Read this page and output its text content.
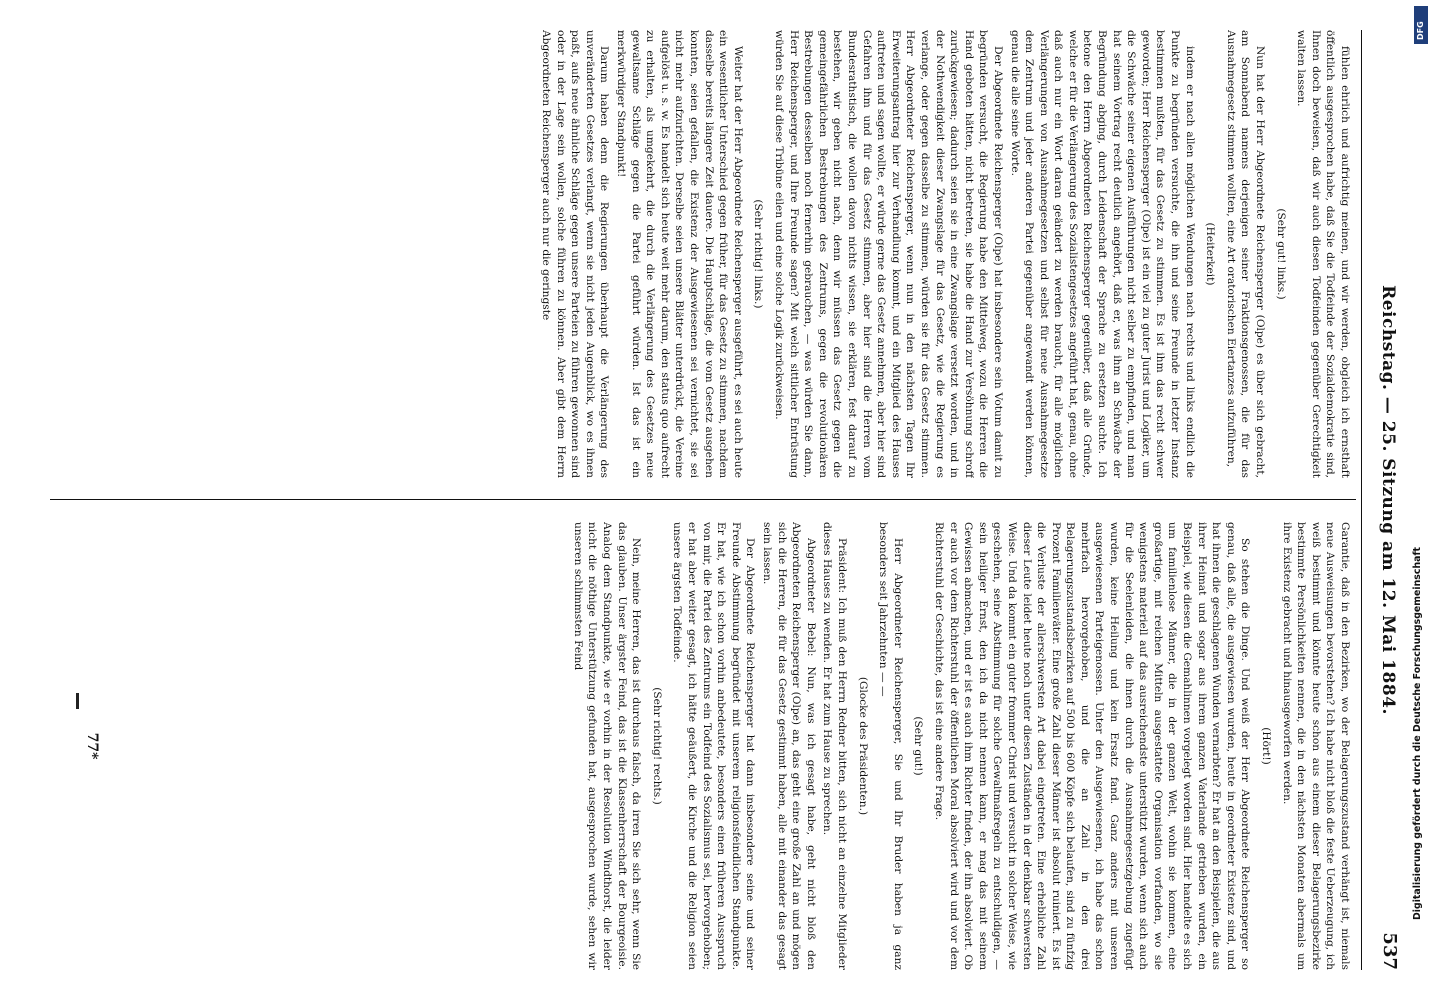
Reichstag. — 25. Sitzung am 12. Mai 1884.
537

fühlen ehrlich und aufrichtig meinen, und wir werden, obgleich ich ernsthaft öffentlich ausgesprochen habe, daß Sie die Todfeinde der Sozialdemokratie sind, Ihnen doch beweisen, daß wir auch diesen Todfeinden gegenüber Gerechtigkeit walten lassen.

(Sehr gut! links.)

Nun hat der Herr Abgeordnete Reichensperger (Olpe) es über sich gebracht, am Sonnabend namens derjenigen seiner Fraktionsgenossen, die für das Ausnahmegesetz stimmen wollten, eine Art oratorischen Eiertanzes aufzuführen,

(Heiterkeit)

indem er nach allen möglichen Wendungen nach rechts und links endlich die Punkte zu begründen versuchte, die ihn und seine Freunde in letzter Instanz bestimmen mußten, für das Gesetz zu stimmen. Es ist ihm das recht schwer geworden; Herr Reichensperger (Olpe) ist ein viel zu guter Jurist und Logiker, um die Schwäche seiner eigenen Ausführungen nicht selber zu empfinden, und man hat seinem Vortrag recht deutlich angehört, daß er, was ihm an Schwäche der Begründung abging, durch Leidenschaft der Sprache zu ersetzen suchte. Ich betone den Herrn Abgeordneten Reichensperger gegenüber, daß alle Gründe, welche er für die Verlängerung des Sozialistengesetzes angeführt hat, genau, ohne daß auch nur ein Wort daran geändert zu werden braucht, für alle möglichen Verlängerungen von Ausnahmegesetzen und selbst für neue Ausnahmegesetze dem Zentrum und jeder anderen Partei gegenüber angewandt werden können, genau die alle seine Worte.

Der Abgeordnete Reichensperger (Olpe) hat insbesondere sein Votum damit zu begründen versucht, die Regierung habe den Mittelweg, wozu die Herren die Hand geboten hätten, nicht betreten, sie habe die Hand zur Versöhnung schroff zurückgewiesen; dadurch seien sie in eine Zwangslage versetzt worden, und in der Nothwendigkeit dieser Zwangslage für das Gesetz, wie die Regierung es verlange, oder gegen dasselbe zu stimmen, würden sie für das Gesetz stimmen. Herr Abgeordneter Reichensperger, wenn nun in den nächsten Tagen Ihr Erweiterungsantrag hier zur Verhandlung kommt, und ein Mitglied des Hauses auftreten und sagen wollte, er würde gerne das Gesetz annehmen, aber hier sind Gefahren ihm und für das Gesetz stimmen, aber hier sind die Herren vom Bundesrathstisch, die wollen davon nichts wissen, sie erklären, fest darauf zu bestehen, wir geben nicht nach, denn wir müssen das Gesetz gegen die gemeingefährlichen Bestrebungen des Zentrums, gegen die revolutionären Bestrebungen desselben noch fernerhin gebrauchen, — was würden Sie dann, Herr Reichensperger, und Ihre Freunde sagen? Mit welch sittlicher Entrüstung würden Sie auf diese Tribüne eilen und eine solche Logik zurückweisen.

(Sehr richtig! links.)

Weiter hat der Herr Abgeordnete Reichensperger ausgeführt, es sei auch heute ein wesentlicher Unterschied gegen früher, für das Gesetz zu stimmen, nachdem dasselbe bereits längere Zeit dauere. Die Hauptschläge, die vom Gesetz ausgehen konnten, seien gefallen, die Existenz der Ausgewiesenen sei vernichtet, sie sei nicht mehr aufzurichten. Derselbe seien unsere Blätter unterdrückt, die Vereine aufgelöst u. s. w. Es handelt sich heute weit mehr darum, den status quo aufrecht zu erhalten, als umgekehrt, die durch die Verlängerung des Gesetzes neue gewaltsame Schläge gegen die Partei geführt würden. Ist das ist ein merkwürdiger Standpunkt!

Darum haben denn die Regierungen überhaupt die Verlängerung des unveränderten Gesetzes verlangt, wenn sie nicht jeden Augenblick, wo es ihnen paßt, aufs neue ähnliche Schläge gegen unsere Parteien zu führen gewonnen sind oder in der Lage sein wollen, solche führen zu können. Aber gibt dem Herrn Abgeordneten Reichensperger auch nur die geringste

Garantie, daß in den Bezirken, wo der Belagerungszustand verhängt ist, niemals neue Ausweisungen bevorstehen? Ich habe nicht bloß die feste Ueberzeugung, ich weiß bestimmt und könnte heute schon aus einem dieser Belagerungsbezirke bestimmte Persönlichkeiten nennen, die in den nächsten Monaten abermals um ihre Existenz gebracht und hinausgeworfen werden.

(Hört!)

So stehen die Dinge. Und weiß der Herr Abgeordnete Reichensperger so genau, daß alle, die ausgewiesen wurden, heute in geordneter Existenz sind, und hat ihnen die geschlagenen Wunden vernarbten? Er hat an den Beispielen, die aus ihrer Heimat und sogar aus ihrem ganzen Vaterlande getrieben wurden, ein Beispiel, wie diesen die Gemahlinnen vorgelegt worden sind. Hier handelte es sich um familienlose Männer, die in der ganzen Welt, wohin sie kommen, eine großartige, mit reichen Mitteln ausgestattete Organisation vorfanden, wo sie wenigstens materiell auf das ausreichendste unterstützt wurden, wenn sich auch für die Seelenleiden, die ihnen durch die Ausnahmegesetzgebung zugefügt wurden, keine Heilung und kein Ersatz fand. Ganz anders mit unseren ausgewiesenen Parteigenossen. Unter den Ausgewiesenen, ich habe das schon mehrfach hervorgehoben, und die an Zahl in den drei Belagerungszustandsbezirken auf 500 bis 600 Köpfe sich belaufen, sind zu fünfzig Prozent Familienväter. Eine große Zahl dieser Männer ist absolut ruiniert. Es ist die Verluste der allerschwersten Art dabei eingetreten. Eine erhebliche Zahl dieser Leute leidet heute noch unter diesen Zuständen in der denkbar schwersten Weise. Und da kommt ein guter frommer Christ und versucht in solcher Weise, wie geschehen, seine Abstimmung für solche Gewaltmaßregeln zu entschuldigen, — sein heiliger Ernst, den ich da nicht nennen kann, er mag das mit seinem Gewissen abmachen, und er ist es auch ihm Richter finden, der ihn absolviert. Ob er auch vor dem Richterstuhl der öffentlichen Moral absolviert wird und vor dem Richterstuhl der Geschichte, das ist eine andere Frage.

(Sehr gut!)

Herr Abgeordneter Reichensperger, Sie und Ihr Bruder haben ja ganz besonders seit Jahrzehnten — —

(Glocke des Präsidenten.)

Präsident: Ich muß den Herrn Redner bitten, sich nicht an einzelne Mitglieder dieses Hauses zu wenden. Er hat zum Hause zu sprechen.

Abgeordneter Bebel: Nun, was ich gesagt habe, geht nicht bloß den Abgeordneten Reichensperger (Olpe) an, das geht eine große Zahl an und mögen sich die Herren, die für das Gesetz gestimmt haben, alle mit einander das gesagt sein lassen.

Der Abgeordnete Reichensperger hat dann insbesondere seine und seiner Freunde Abstimmung begründet mit unserem religionsfeindlichen Standpunkte. Er hat, wie ich schon vorhin anbedeutete, besonders einen früheren Ausspruch von mir, die Partei des Zentrums ein Todfeind des Sozialismus sei, hervorgehoben; er hat aber weiter gesagt, ich hätte geäußert, die Kirche und die Religion seien unsere ärgsten Todfeinde.

(Sehr richtig! rechts.)

Nein, meine Herren, das ist durchaus falsch, da irren Sie sich sehr, wenn Sie das glauben. Unser ärgster Feind, das ist die Klassenherrschaft der Bourgeoisie. Analog dem Standpunkte, wie er vorhin in der Resolution Windthorst, die leider nicht die nöthige Unterstützung gefunden hat, ausgesprochen wurde, sehen wir unseren schlimmsten Feind

77*	Digitalisierung gefördert durch die Deutsche Forschungsgemeinschaft
DFG
